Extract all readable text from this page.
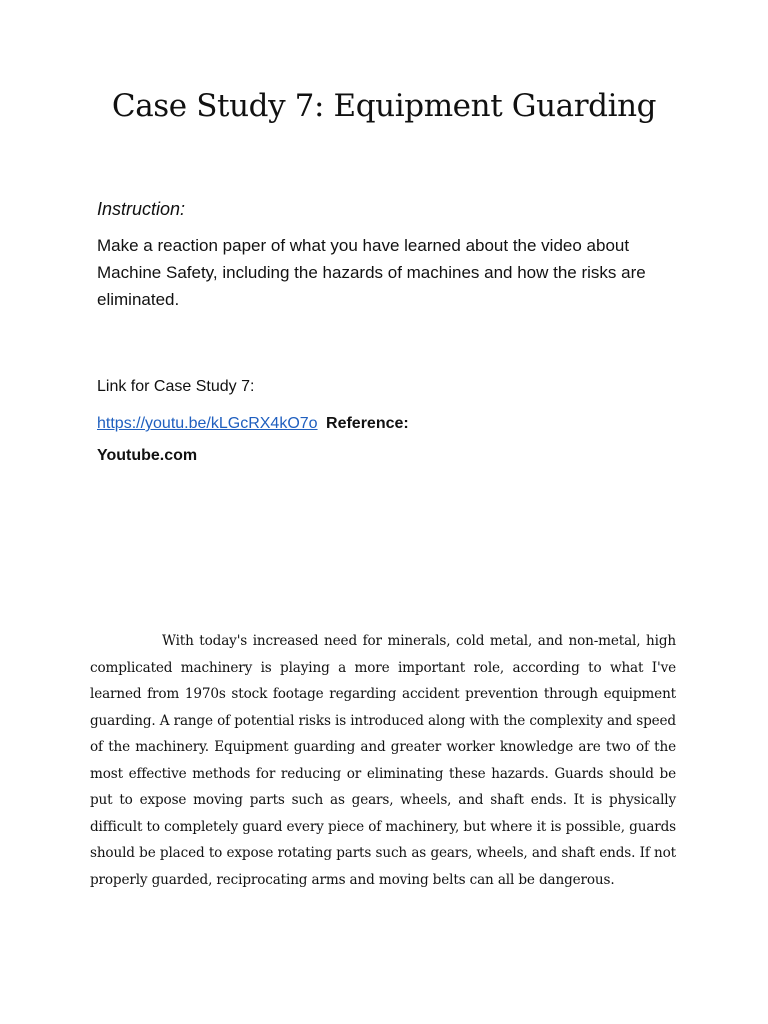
Case Study 7: Equipment Guarding
Instruction:
Make a reaction paper of what you have learned about the video about Machine Safety, including the hazards of machines and how the risks are eliminated.
Link for Case Study 7:
https://youtu.be/kLGcRX4kO7o Reference:
Youtube.com

With today's increased need for minerals, cold metal, and non-metal, high complicated machinery is playing a more important role, according to what I've learned from 1970s stock footage regarding accident prevention through equipment guarding. A range of potential risks is introduced along with the complexity and speed of the machinery. Equipment guarding and greater worker knowledge are two of the most effective methods for reducing or eliminating these hazards. Guards should be put to expose moving parts such as gears, wheels, and shaft ends. It is physically difficult to completely guard every piece of machinery, but where it is possible, guards should be placed to expose rotating parts such as gears, wheels, and shaft ends. If not properly guarded, reciprocating arms and moving belts can all be dangerous.
